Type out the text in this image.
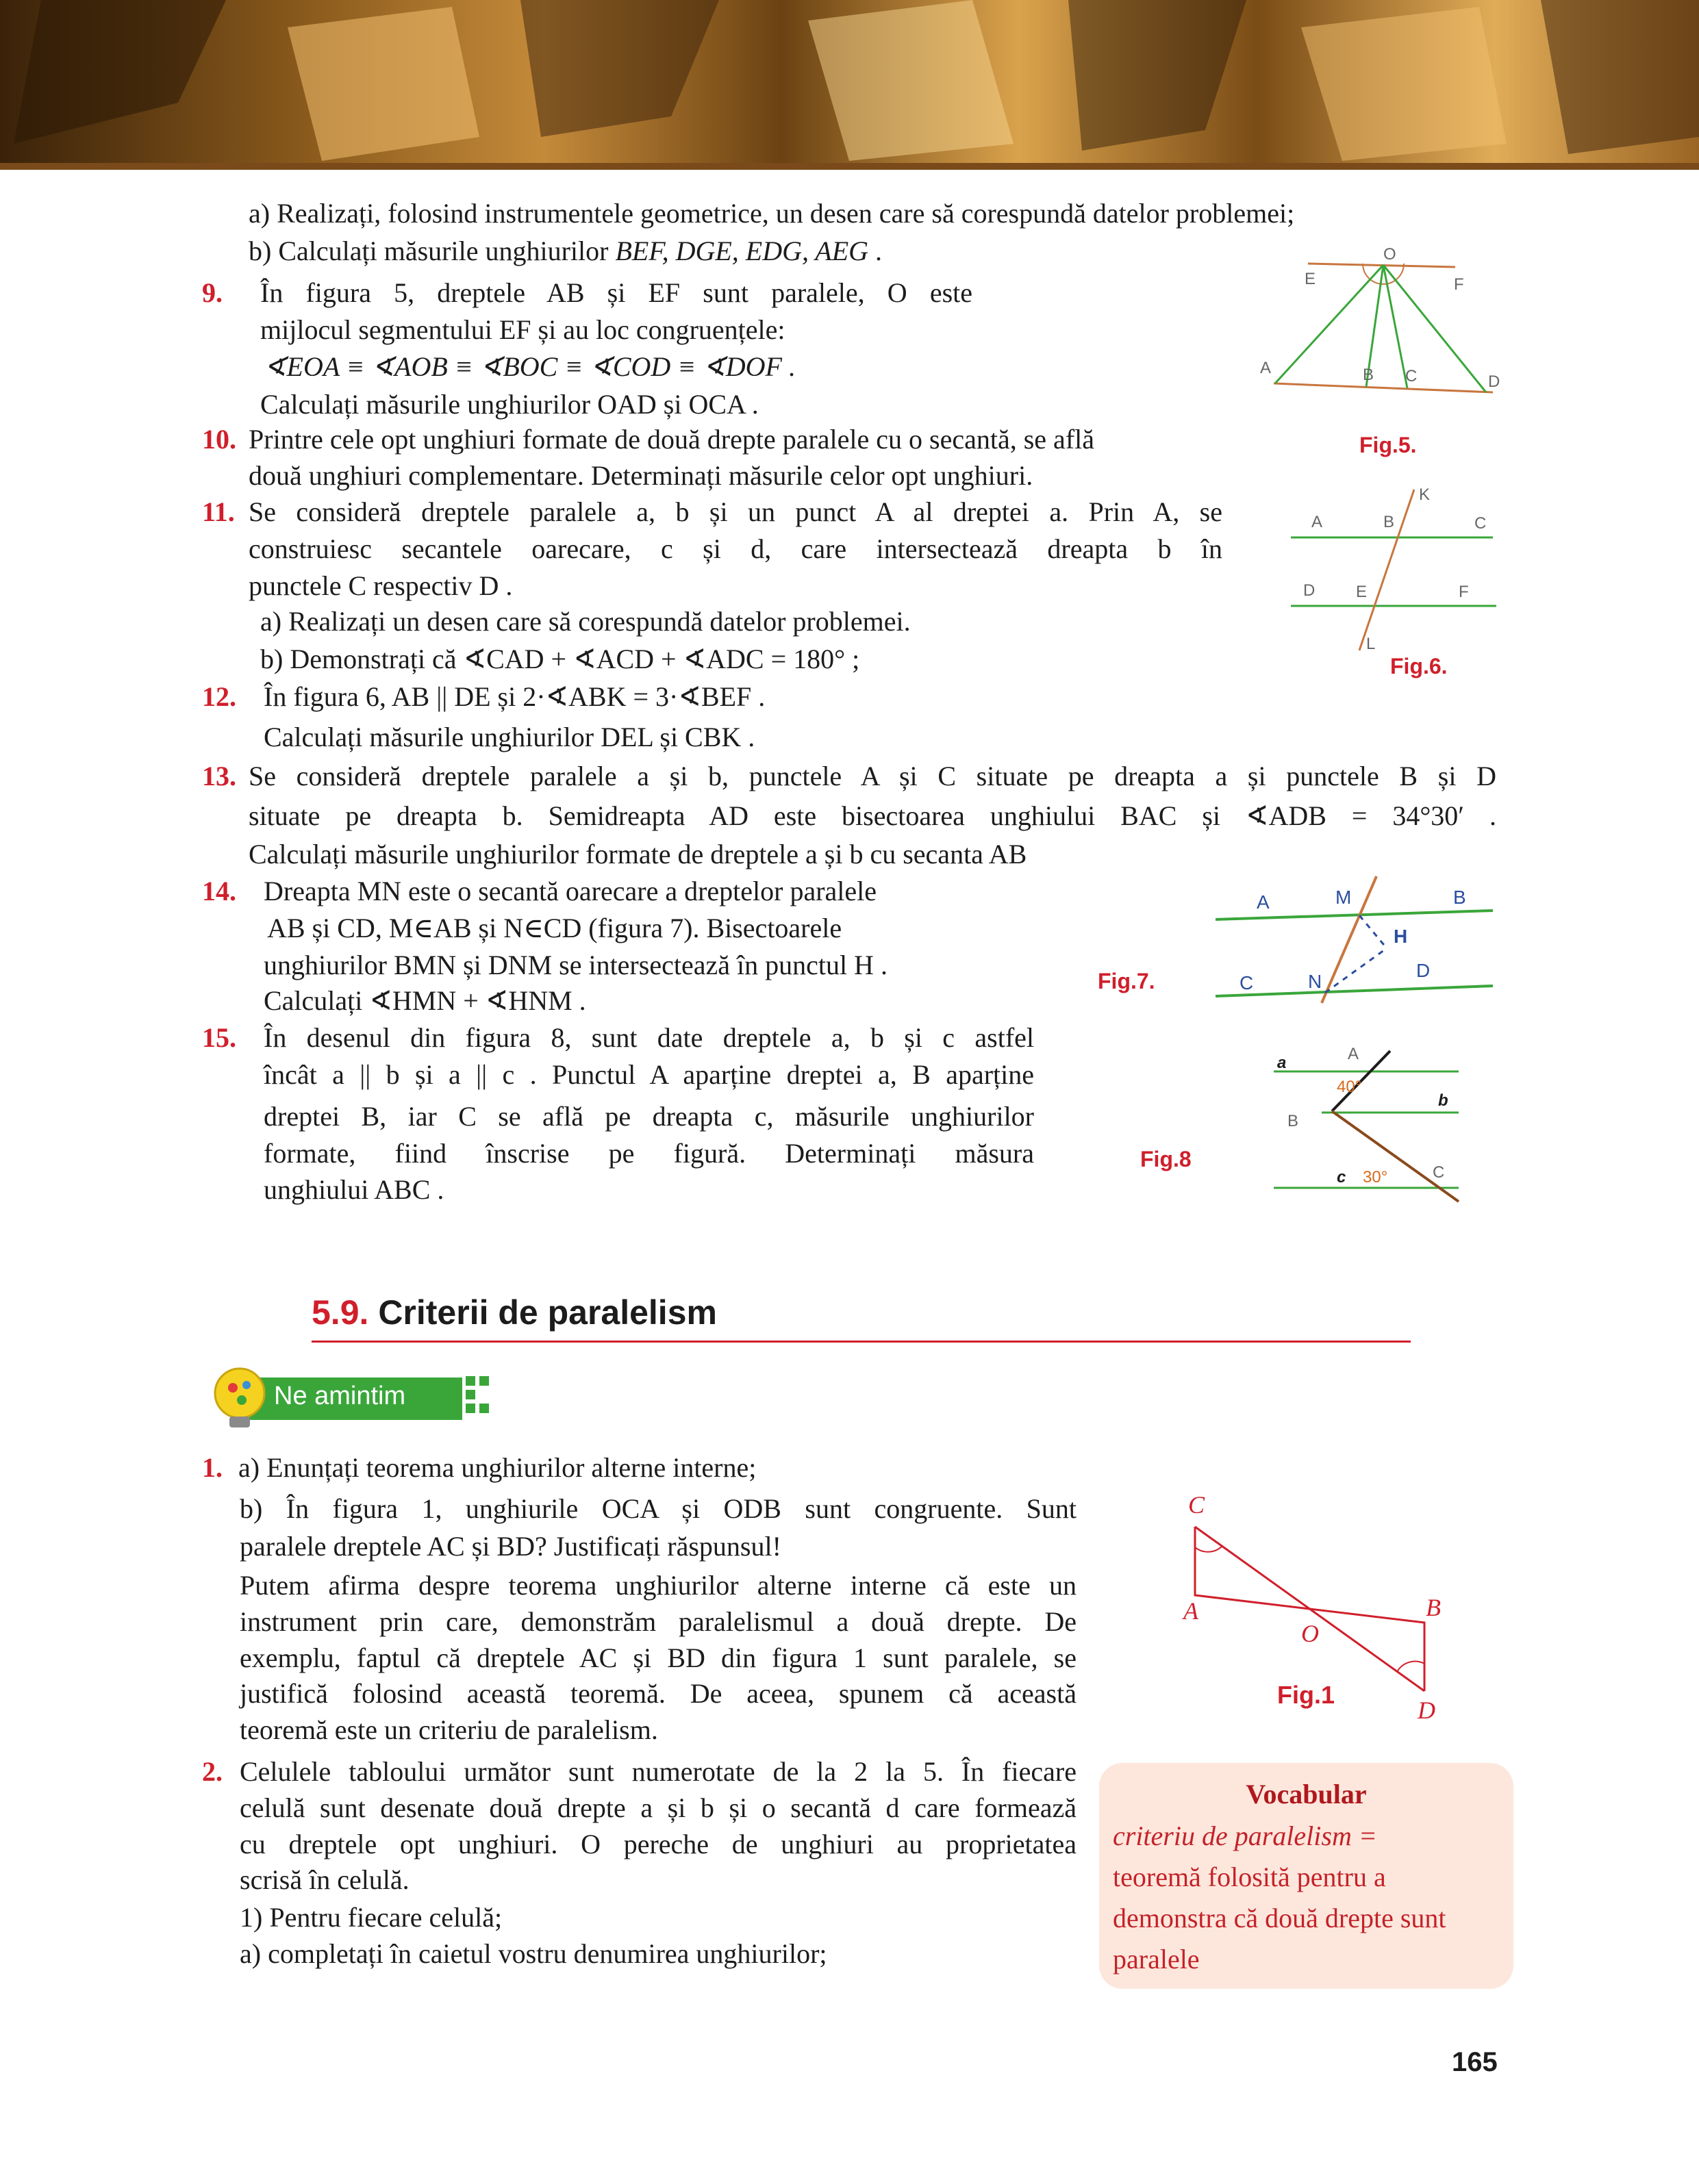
a) Realizați, folosind instrumentele geometrice, un desen care să corespundă datelor problemei;
b) Calculați măsurile unghiurilor BEF, DGE, EDG, AEG .
9. În figura 5, dreptele AB și EF sunt paralele, O este
mijlocul segmentului EF și au loc congruențele:
∢EOA ≡ ∢AOB ≡ ∢BOC ≡ ∢COD ≡ ∢DOF .
Calculați măsurile unghiurilor OAD și OCA .
10. Printre cele opt unghiuri formate de două drepte paralele cu o secantă, se află
două unghiuri complementare. Determinați măsurile celor opt unghiuri.
11. Se consideră dreptele paralele a, b și un punct A al dreptei a. Prin A, se
construiesc secantele oarecare, c și d, care intersectează dreapta b în
punctele C respectiv D .
a) Realizați un desen care să corespundă datelor problemei.
b) Demonstrați că ∢CAD + ∢ACD + ∢ADC = 180° ;
12. În figura 6, AB || DE și 2·∢ABK = 3·∢BEF .
Calculați măsurile unghiurilor DEL și CBK .
13. Se consideră dreptele paralele a și b, punctele A și C situate pe dreapta a și punctele B și D
situate pe dreapta b. Semidreapta AD este bisectoarea unghiului BAC și ∢ADB = 34°30′ .
Calculați măsurile unghiurilor formate de dreptele a și b cu secanta AB
14. Dreapta MN este o secantă oarecare a dreptelor paralele
AB și CD, M∈AB și N∈CD (figura 7). Bisectoarele
unghiurilor BMN și DNM se intersectează în punctul H .
Calculați ∢HMN + ∢HNM .
15. În desenul din figura 8, sunt date dreptele a, b și c astfel
încât a || b și a || c . Punctul A aparține dreptei a, B aparține
dreptei B, iar C se află pe dreapta c, măsurile unghiurilor
formate, fiind înscrise pe figură. Determinați măsura
unghiului ABC .
O
E	F
A	B C	D
Fig.5.
A	B	C
D E	F
K
L
Fig.6.
A	M	B
H
C	N
D
Fig.7.
a	A
b
B
40°
c 30°	C
Fig.8
5.9. Criterii de paralelism
Ne amintim
1. a) Enunțați teorema unghiurilor alterne interne;
b) În figura 1, unghiurile OCA și ODB sunt congruente. Sunt
paralele dreptele AC și BD? Justificați răspunsul!
Putem afirma despre teorema unghiurilor alterne interne că este un
instrument prin care, demonstrăm paralelismul a două drepte. De
exemplu, faptul că dreptele AC și BD din figura 1 sunt paralele, se
justifică folosind această teoremă. De aceea, spunem că această
teoremă este un criteriu de paralelism.
C
A
O
B
D
Fig.1
2. Celulele tabloului următor sunt numerotate de la 2 la 5. În fiecare
celulă sunt desenate două drepte a și b și o secantă d care formează
cu dreptele opt unghiuri. O pereche de unghiuri au proprietatea
scrisă în celulă.
1) Pentru fiecare celulă;
a) completați în caietul vostru denumirea unghiurilor;
Vocabular
criteriu de paralelism =
teoremă folosită pentru a
demonstra că două drepte sunt
paralele
165
